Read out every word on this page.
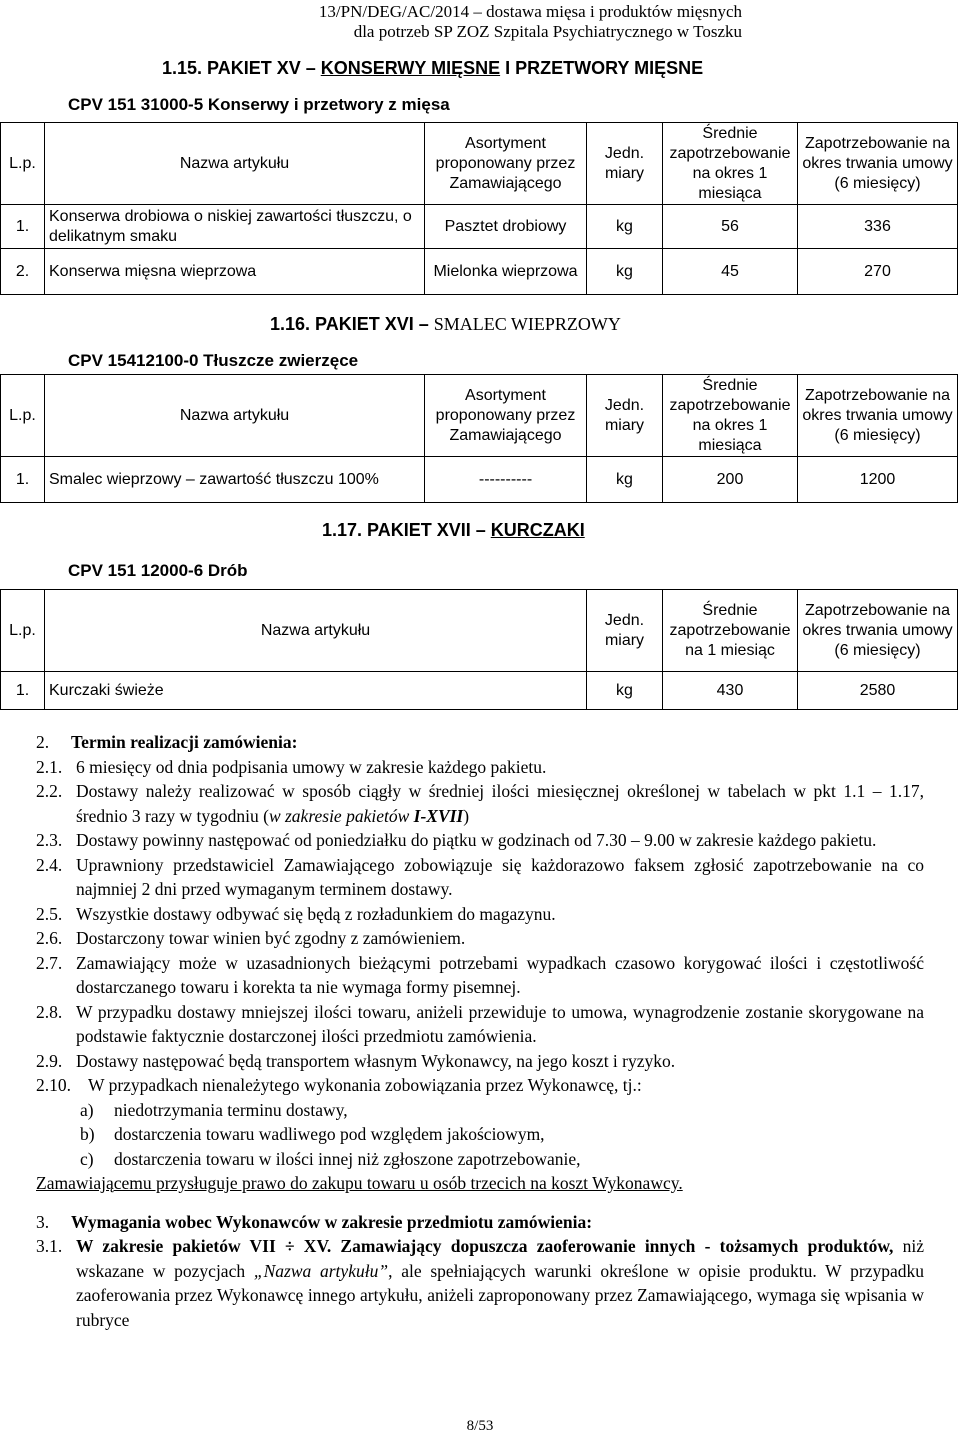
13/PN/DEG/AC/2014 – dostawa mięsa i produktów mięsnych
dla potrzeb SP ZOZ Szpitala Psychiatrycznego w Toszku
1.15. PAKIET XV – KONSERWY MIĘSNE I PRZETWORY MIĘSNE
CPV 151 31000-5 Konserwy i przetwory z mięsa
L.p.	Nazwa artykułu	Asortyment proponowany przez Zamawiającego	Jedn. miary	Średnie zapotrzebowanie na okres 1 miesiąca	Zapotrzebowanie na okres trwania umowy (6 miesięcy)
1.	Konserwa drobiowa o niskiej zawartości tłuszczu, o delikatnym smaku	Pasztet drobiowy	kg	56	336
2.	Konserwa mięsna wieprzowa	Mielonka wieprzowa	kg	45	270
1.16. PAKIET XVI – SMALEC WIEPRZOWY
CPV 15412100-0 Tłuszcze zwierzęce
L.p.	Nazwa artykułu	Asortyment proponowany przez Zamawiającego	Jedn. miary	Średnie zapotrzebowanie na okres 1 miesiąca	Zapotrzebowanie na okres trwania umowy (6 miesięcy)
1.	Smalec wieprzowy – zawartość tłuszczu 100%	----------	kg	200	1200
1.17. PAKIET XVII – KURCZAKI
CPV 151 12000-6 Drób
L.p.	Nazwa artykułu	Jedn. miary	Średnie zapotrzebowanie na 1 miesiąc	Zapotrzebowanie na okres trwania umowy (6 miesięcy)
1.	Kurczaki świeże	kg	430	2580
2.	Termin realizacji zamówienia:
2.1. 6 miesięcy od dnia podpisania umowy w zakresie każdego pakietu.
2.2. Dostawy należy realizować w sposób ciągły w średniej ilości miesięcznej określonej w tabelach w pkt 1.1 – 1.17, średnio 3 razy w tygodniu (w zakresie pakietów I-XVII)
2.3. Dostawy powinny następować od poniedziałku do piątku w godzinach od 7.30 – 9.00 w zakresie każdego pakietu.
2.4. Uprawniony przedstawiciel Zamawiającego zobowiązuje się każdorazowo faksem zgłosić zapotrzebowanie na co najmniej 2 dni przed wymaganym terminem dostawy.
2.5. Wszystkie dostawy odbywać się będą z rozładunkiem do magazynu.
2.6. Dostarczony towar winien być zgodny z zamówieniem.
2.7. Zamawiający może w uzasadnionych bieżącymi potrzebami wypadkach czasowo korygować ilości i częstotliwość dostarczanego towaru i korekta ta nie wymaga formy pisemnej.
2.8. W przypadku dostawy mniejszej ilości towaru, aniżeli przewiduje to umowa, wynagrodzenie zostanie skorygowane na podstawie faktycznie dostarczonej ilości przedmiotu zamówienia.
2.9. Dostawy następować będą transportem własnym Wykonawcy, na jego koszt i ryzyko.
2.10. W przypadkach nienależytego wykonania zobowiązania przez Wykonawcę, tj.:
a)	niedotrzymania terminu dostawy,
b)	dostarczenia towaru wadliwego pod względem jakościowym,
c)	dostarczenia towaru w ilości innej niż zgłoszone zapotrzebowanie,
Zamawiającemu przysługuje prawo do zakupu towaru u osób trzecich na koszt Wykonawcy.
3.	Wymagania wobec Wykonawców w zakresie przedmiotu zamówienia:
3.1. W zakresie pakietów VII ÷ XV. Zamawiający dopuszcza zaoferowanie innych - tożsamych produktów, niż wskazane w pozycjach „Nazwa artykułu”, ale spełniających warunki określone w opisie produktu. W przypadku zaoferowania przez Wykonawcę innego artykułu, aniżeli zaproponowany przez Zamawiającego, wymaga się wpisania w rubryce
8/53
